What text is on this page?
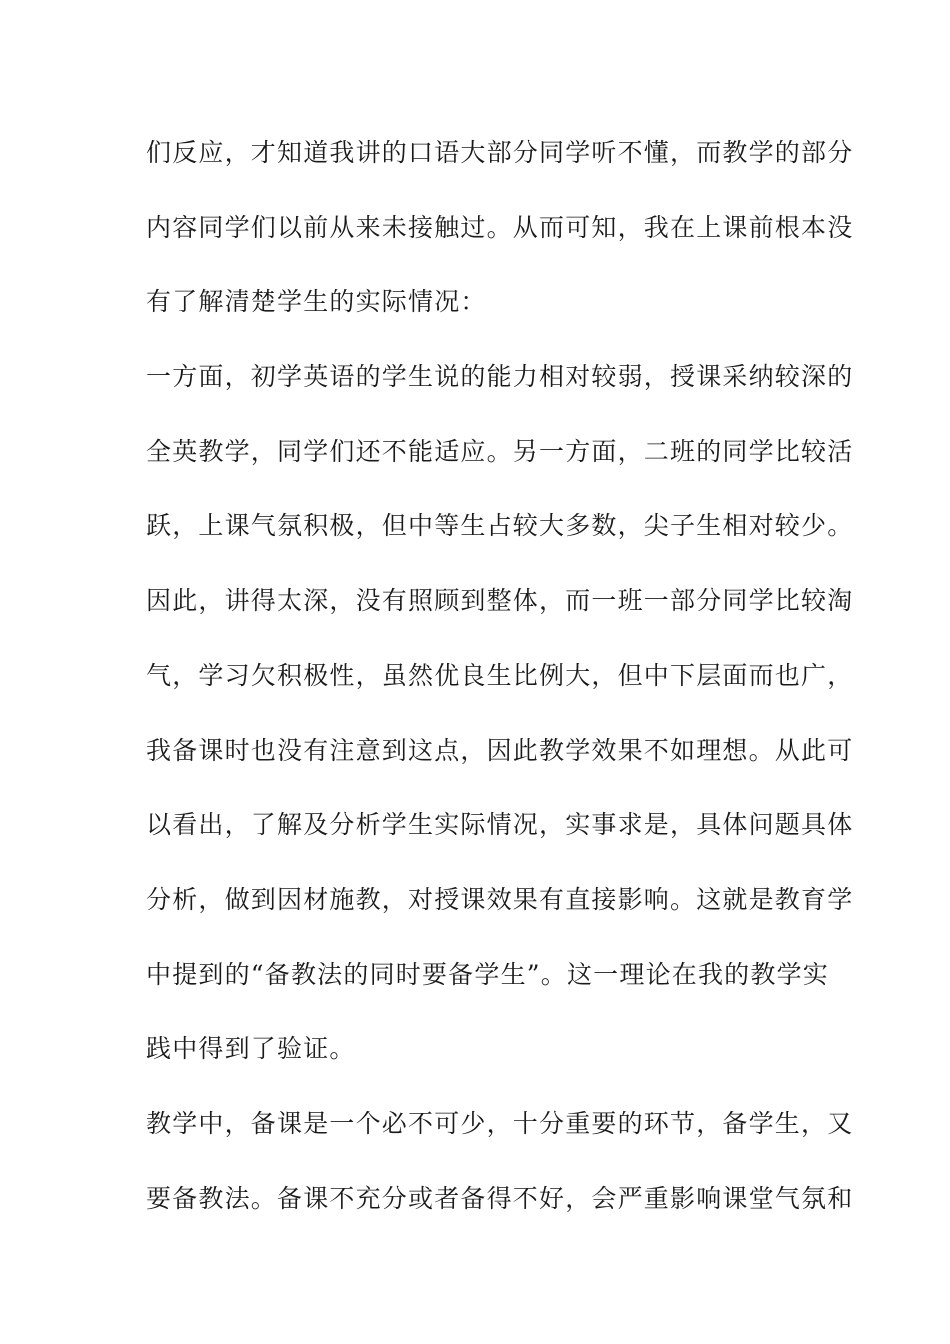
们反应，才知道我讲的口语大部分同学听不懂，而教学的部分
内容同学们以前从来未接触过。从而可知，我在上课前根本没
有了解清楚学生的实际情况：
一方面，初学英语的学生说的能力相对较弱，授课采纳较深的
全英教学，同学们还不能适应。另一方面，二班的同学比较活
跃，上课气氛积极，但中等生占较大多数，尖子生相对较少。
因此，讲得太深，没有照顾到整体，而一班一部分同学比较淘
气，学习欠积极性，虽然优良生比例大，但中下层面而也广，
我备课时也没有注意到这点，因此教学效果不如理想。从此可
以看出，了解及分析学生实际情况，实事求是，具体问题具体
分析，做到因材施教，对授课效果有直接影响。这就是教育学
中提到的“备教法的同时要备学生”。这一理论在我的教学实
践中得到了验证。
教学中，备课是一个必不可少，十分重要的环节，备学生，又
要备教法。备课不充分或者备得不好，会严重影响课堂气氛和
